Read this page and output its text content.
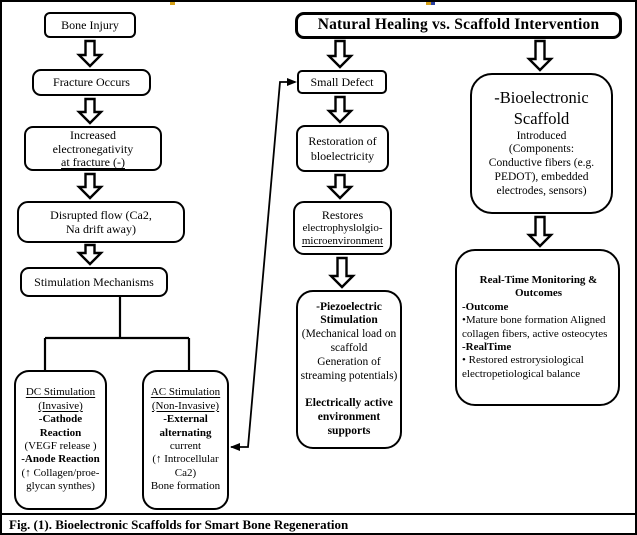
Natural Healing vs. Scaffold Intervention
Bone Injury
Fracture Occurs
Increased
electronegativity
at fracture (-)
Disrupted flow (Ca2,
Na drift away)
Stimulation Mechanisms
DC Stimulation
(Invasive)
-Cathode
Reaction
(VEGF release )
-Anode Reaction
(↑ Collagen/proe-
glycan synthes)
AC Stimulation
(Non-Invasive)
-External
alternating
current
(↑ Introcellular
Ca2)
Bone formation
Small Defect
Restoration of
bloelectricity
Restores
electrophyslolgio-
microenvironment
-Piezoelectric
Stimulation
(Mechanical load on
scaffold
Generation of
streaming potentials)

Electrically active
environment
supports
-Bioelectronic
Scaffold
Introduced
(Components:
Conductive fibers (e.g.
PEDOT), embedded
electrodes, sensors)
Real-Time Monitoring &
Outcomes
-Outcome
•Mature bone formation Aligned
collagen fibers, active osteocytes
-RealTime
• Restored estrorysiological
electropetiological balance
Fig. (1). Bioelectronic Scaffolds for Smart Bone Regeneration
